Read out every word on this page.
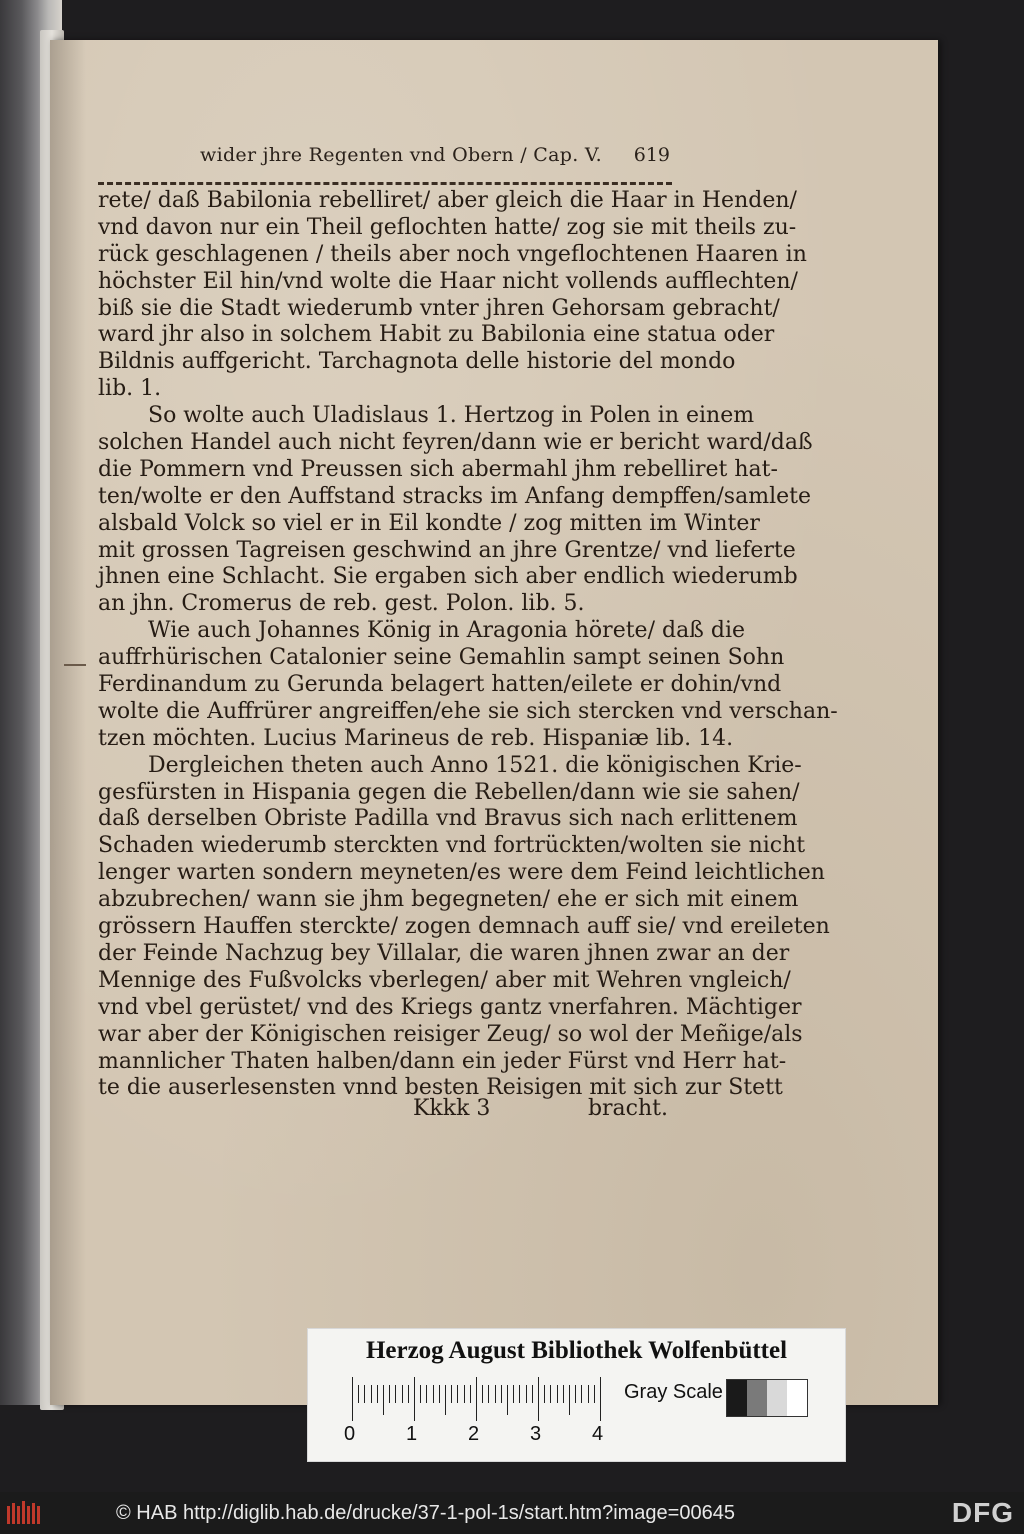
wider jhre Regenten vnd Obern / Cap. V. 619
rete/ daß Babilonia rebelliret/ aber gleich die Haar in Henden/
vnd davon nur ein Theil geflochten hatte/ zog sie mit theils zu-
rück geschlagenen / theils aber noch vngeflochtenen Haaren in
höchster Eil hin/vnd wolte die Haar nicht vollends aufflechten/
biß sie die Stadt wiederumb vnter jhren Gehorsam gebracht/
ward jhr also in solchem Habit zu Babilonia eine statua oder
Bildnis auffgericht. Tarchagnota delle historie del mondo
lib. 1.
So wolte auch Uladislaus 1. Hertzog in Polen in einem
solchen Handel auch nicht feyren/dann wie er bericht ward/daß
die Pommern vnd Preussen sich abermahl jhm rebelliret hat-
ten/wolte er den Auffstand stracks im Anfang dempffen/samlete
alsbald Volck so viel er in Eil kondte / zog mitten im Winter
mit grossen Tagreisen geschwind an jhre Grentze/ vnd lieferte
jhnen eine Schlacht. Sie ergaben sich aber endlich wiederumb
an jhn. Cromerus de reb. gest. Polon. lib. 5.
Wie auch Johannes König in Aragonia hörete/ daß die
auffrhürischen Catalonier seine Gemahlin sampt seinen Sohn
Ferdinandum zu Gerunda belagert hatten/eilete er dohin/vnd
wolte die Auffrürer angreiffen/ehe sie sich stercken vnd verschan-
tzen möchten. Lucius Marineus de reb. Hispaniæ lib. 14.
Dergleichen theten auch Anno 1521. die königischen Krie-
gesfürsten in Hispania gegen die Rebellen/dann wie sie sahen/
daß derselben Obriste Padilla vnd Bravus sich nach erlittenem
Schaden wiederumb sterckten vnd fortrückten/wolten sie nicht
lenger warten sondern meyneten/es were dem Feind leichtlichen
abzubrechen/ wann sie jhm begegneten/ ehe er sich mit einem
grössern Hauffen sterckte/ zogen demnach auff sie/ vnd ereileten
der Feinde Nachzug bey Villalar, die waren jhnen zwar an der
Mennige des Fußvolcks vberlegen/ aber mit Wehren vngleich/
vnd vbel gerüstet/ vnd des Kriegs gantz vnerfahren. Mächtiger
war aber der Königischen reisiger Zeug/ so wol der Meñige/als
mannlicher Thaten halben/dann ein jeder Fürst vnd Herr hat-
te die auserlesensten vnnd besten Reisigen mit sich zur Stett
Kkkk 3	bracht.
Herzog August Bibliothek Wolfenbüttel
0	1	2	3	4
Gray Scale
© HAB http://diglib.hab.de/drucke/37-1-pol-1s/start.htm?image=00645	DFG
